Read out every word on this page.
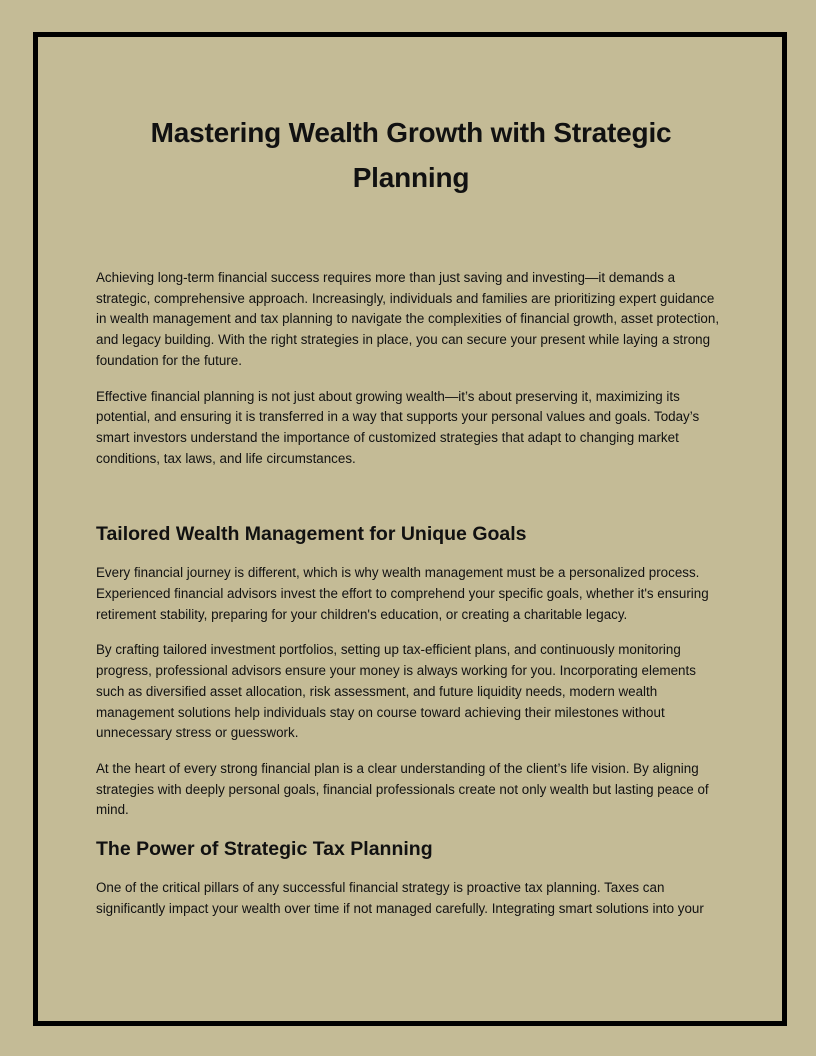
Mastering Wealth Growth with Strategic Planning

Achieving long-term financial success requires more than just saving and investing—it demands a strategic, comprehensive approach. Increasingly, individuals and families are prioritizing expert guidance in wealth management and tax planning to navigate the complexities of financial growth, asset protection, and legacy building. With the right strategies in place, you can secure your present while laying a strong foundation for the future.

Effective financial planning is not just about growing wealth—it’s about preserving it, maximizing its potential, and ensuring it is transferred in a way that supports your personal values and goals. Today’s smart investors understand the importance of customized strategies that adapt to changing market conditions, tax laws, and life circumstances.

Tailored Wealth Management for Unique Goals

Every financial journey is different, which is why wealth management must be a personalized process. Experienced financial advisors invest the effort to comprehend your specific goals, whether it's ensuring retirement stability, preparing for your children's education, or creating a charitable legacy.

By crafting tailored investment portfolios, setting up tax-efficient plans, and continuously monitoring progress, professional advisors ensure your money is always working for you. Incorporating elements such as diversified asset allocation, risk assessment, and future liquidity needs, modern wealth management solutions help individuals stay on course toward achieving their milestones without unnecessary stress or guesswork.

At the heart of every strong financial plan is a clear understanding of the client’s life vision. By aligning strategies with deeply personal goals, financial professionals create not only wealth but lasting peace of mind.

The Power of Strategic Tax Planning

One of the critical pillars of any successful financial strategy is proactive tax planning. Taxes can significantly impact your wealth over time if not managed carefully. Integrating smart solutions into your
